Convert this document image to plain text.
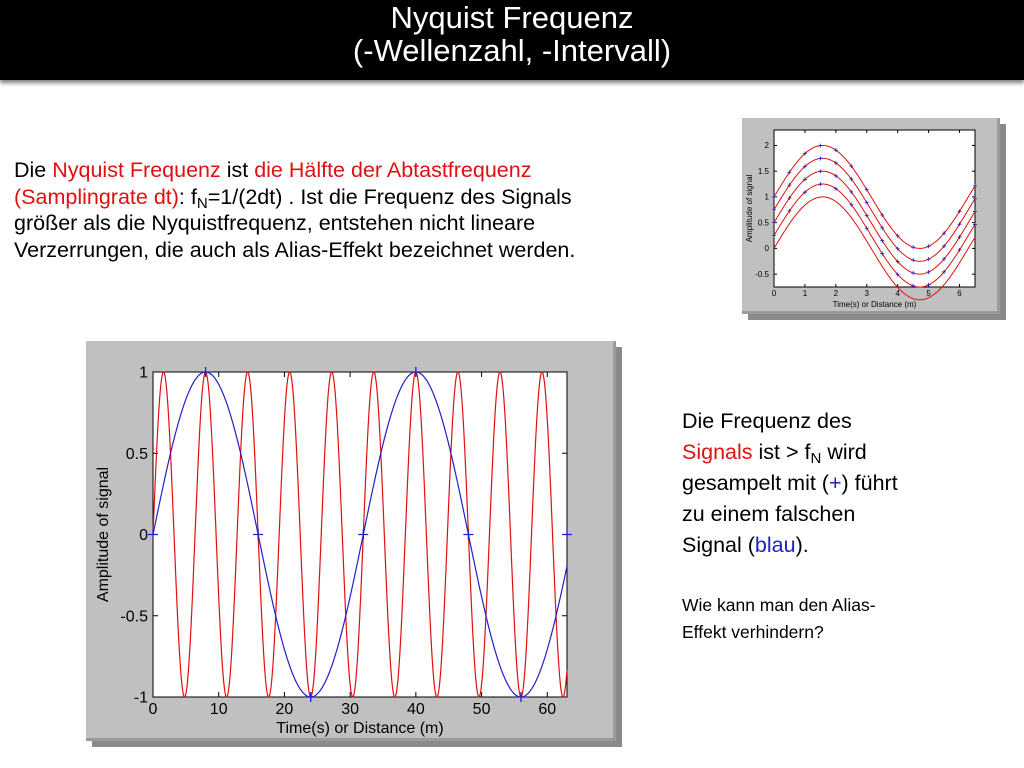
Nyquist Frequenz
(-Wellenzahl, -Intervall)
Die Nyquist Frequenz ist die Hälfte der Abtastfrequenz
(Samplingrate dt): $f_N=1/(2dt)$ . Ist die Frequenz des Signals
größer als die Nyquistfrequenz, entstehen nicht lineare
Verzerrungen, die auch als Alias-Effekt bezeichnet werden.
0	1	2	3	4	5	6
-0.5
0
0.5
1
1.5
2
Time(s) or Distance (m)
Amplitude of signal
0	10	20	30	40	50	60
-1
-0.5
0
0.5
1
Time(s) or Distance (m)
Amplitude of signal
Die Frequenz des
Signals ist > $f_N$ wird
gesampelt mit (+) führt
zu einem falschen
Signal (blau).
Wie kann man den Alias-
Effekt verhindern?
